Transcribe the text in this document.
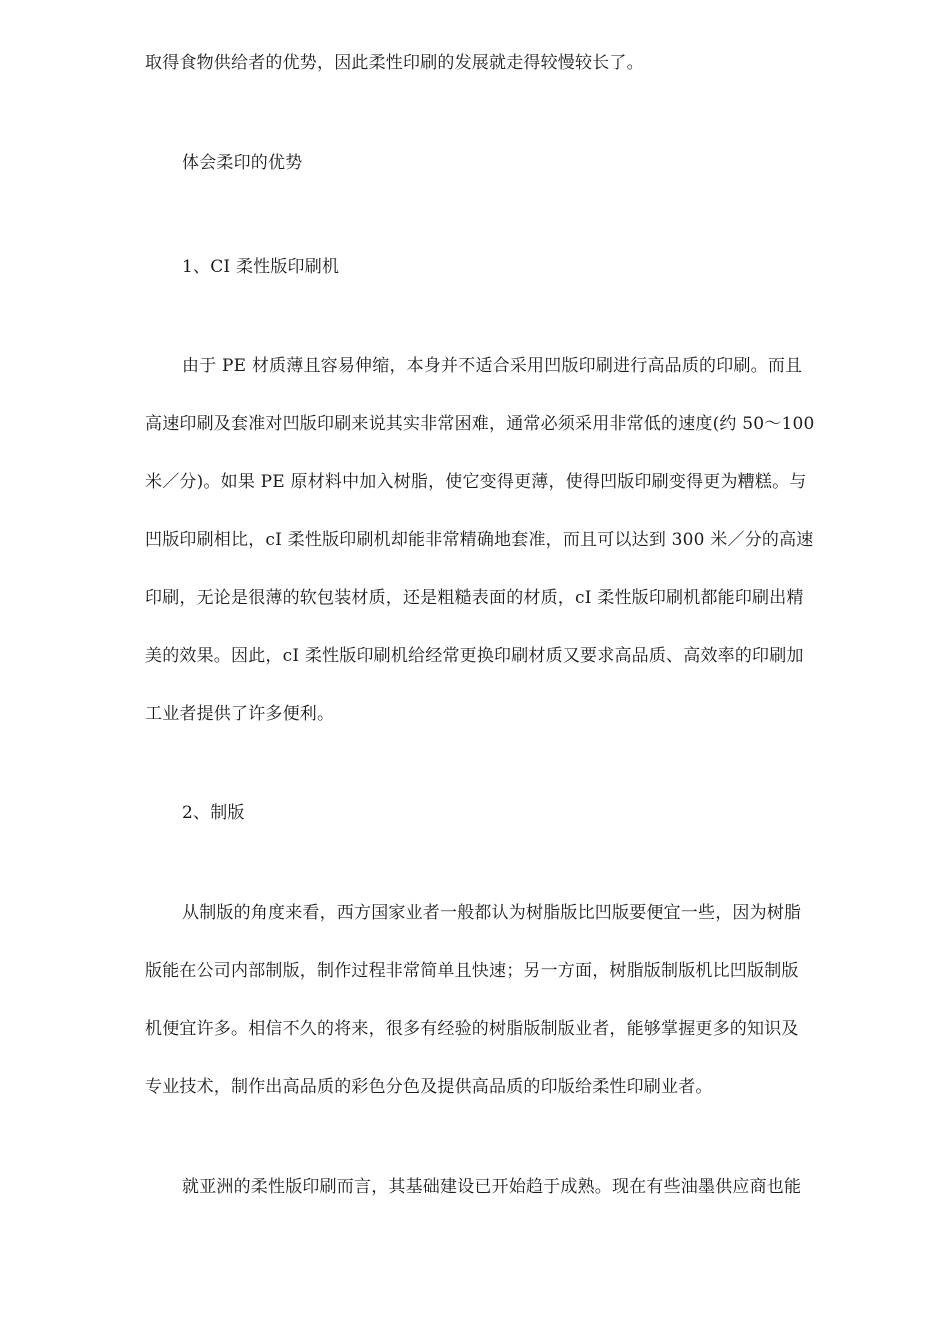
取得食物供给者的优势，因此柔性印刷的发展就走得较慢较长了。
体会柔印的优势
1、CI 柔性版印刷机
由于 PE 材质薄且容易伸缩，本身并不适合采用凹版印刷进行高品质的印刷。而且
高速印刷及套准对凹版印刷来说其实非常困难，通常必须采用非常低的速度(约 50～100
米／分)。如果 PE 原材料中加入树脂，使它变得更薄，使得凹版印刷变得更为糟糕。与
凹版印刷相比，cI 柔性版印刷机却能非常精确地套准，而且可以达到 300 米／分的高速
印刷，无论是很薄的软包装材质，还是粗糙表面的材质，cI 柔性版印刷机都能印刷出精
美的效果。因此，cI 柔性版印刷机给经常更换印刷材质又要求高品质、高效率的印刷加
工业者提供了许多便利。
2、制版
从制版的角度来看，西方国家业者一般都认为树脂版比凹版要便宜一些，因为树脂
版能在公司内部制版，制作过程非常简单且快速；另一方面，树脂版制版机比凹版制版
机便宜许多。相信不久的将来，很多有经验的树脂版制版业者，能够掌握更多的知识及
专业技术，制作出高品质的彩色分色及提供高品质的印版给柔性印刷业者。
就亚洲的柔性版印刷而言，其基础建设已开始趋于成熟。现在有些油墨供应商也能
